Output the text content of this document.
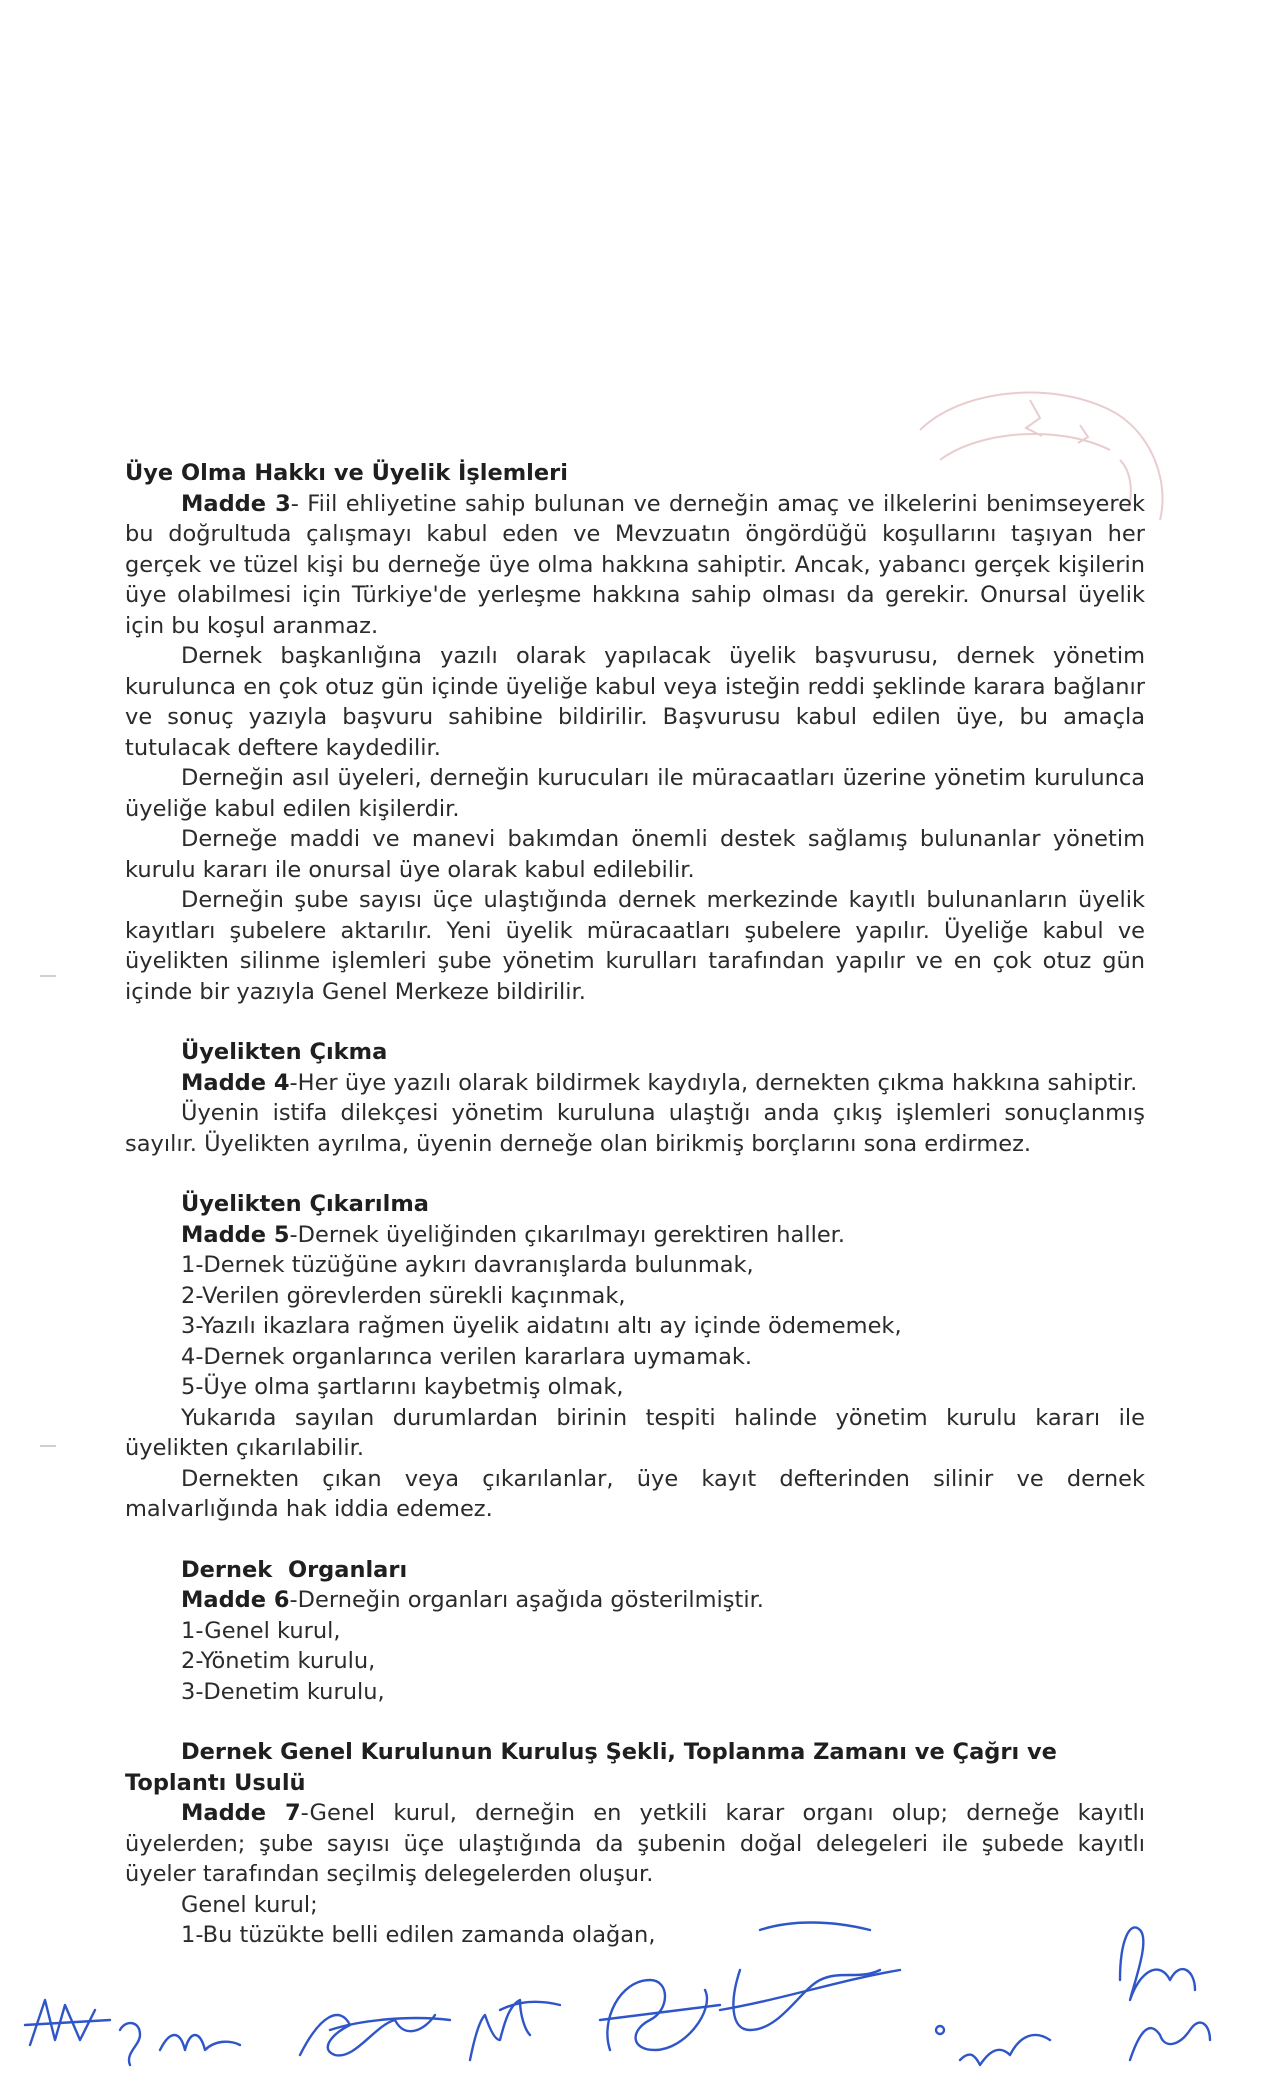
Üye Olma Hakkı ve Üyelik İşlemleri

Madde 3- Fiil ehliyetine sahip bulunan ve derneğin amaç ve ilkelerini benimseyerek bu doğrultuda çalışmayı kabul eden ve Mevzuatın öngördüğü koşullarını taşıyan her gerçek ve tüzel kişi bu derneğe üye olma hakkına sahiptir. Ancak, yabancı gerçek kişilerin üye olabilmesi için Türkiye'de yerleşme hakkına sahip olması da gerekir. Onursal üyelik için bu koşul aranmaz.

Dernek başkanlığına yazılı olarak yapılacak üyelik başvurusu, dernek yönetim kurulunca en çok otuz gün içinde üyeliğe kabul veya isteğin reddi şeklinde karara bağlanır ve sonuç yazıyla başvuru sahibine bildirilir. Başvurusu kabul edilen üye, bu amaçla tutulacak deftere kaydedilir.

Derneğin asıl üyeleri, derneğin kurucuları ile müracaatları üzerine yönetim kurulunca üyeliğe kabul edilen kişilerdir.

Derneğe maddi ve manevi bakımdan önemli destek sağlamış bulunanlar yönetim kurulu kararı ile onursal üye olarak kabul edilebilir.

Derneğin şube sayısı üçe ulaştığında dernek merkezinde kayıtlı bulunanların üyelik kayıtları şubelere aktarılır. Yeni üyelik müracaatları şubelere yapılır. Üyeliğe kabul ve üyelikten silinme işlemleri şube yönetim kurulları tarafından yapılır ve en çok otuz gün içinde bir yazıyla Genel Merkeze bildirilir.

Üyelikten Çıkma

Madde 4-Her üye yazılı olarak bildirmek kaydıyla, dernekten çıkma hakkına sahiptir.

Üyenin istifa dilekçesi yönetim kuruluna ulaştığı anda çıkış işlemleri sonuçlanmış sayılır. Üyelikten ayrılma, üyenin derneğe olan birikmiş borçlarını sona erdirmez.

Üyelikten Çıkarılma

Madde 5-Dernek üyeliğinden çıkarılmayı gerektiren haller.

1-Dernek tüzüğüne aykırı davranışlarda bulunmak,

2-Verilen görevlerden sürekli kaçınmak,

3-Yazılı ikazlara rağmen üyelik aidatını altı ay içinde ödememek,

4-Dernek organlarınca verilen kararlara uymamak.

5-Üye olma şartlarını kaybetmiş olmak,

Yukarıda sayılan durumlardan birinin tespiti halinde yönetim kurulu kararı ile üyelikten çıkarılabilir.

Dernekten çıkan veya çıkarılanlar, üye kayıt defterinden silinir ve dernek malvarlığında hak iddia edemez.

Dernek  Organları

Madde 6-Derneğin organları aşağıda gösterilmiştir.

1-Genel kurul,

2-Yönetim kurulu,

3-Denetim kurulu,

Dernek Genel Kurulunun Kuruluş Şekli, Toplanma Zamanı ve Çağrı ve Toplantı Usulü

Madde 7-Genel kurul, derneğin en yetkili karar organı olup; derneğe kayıtlı üyelerden; şube sayısı üçe ulaştığında da şubenin doğal delegeleri ile şubede kayıtlı üyeler tarafından seçilmiş delegelerden oluşur.

Genel kurul;

1-Bu tüzükte belli edilen zamanda olağan,
